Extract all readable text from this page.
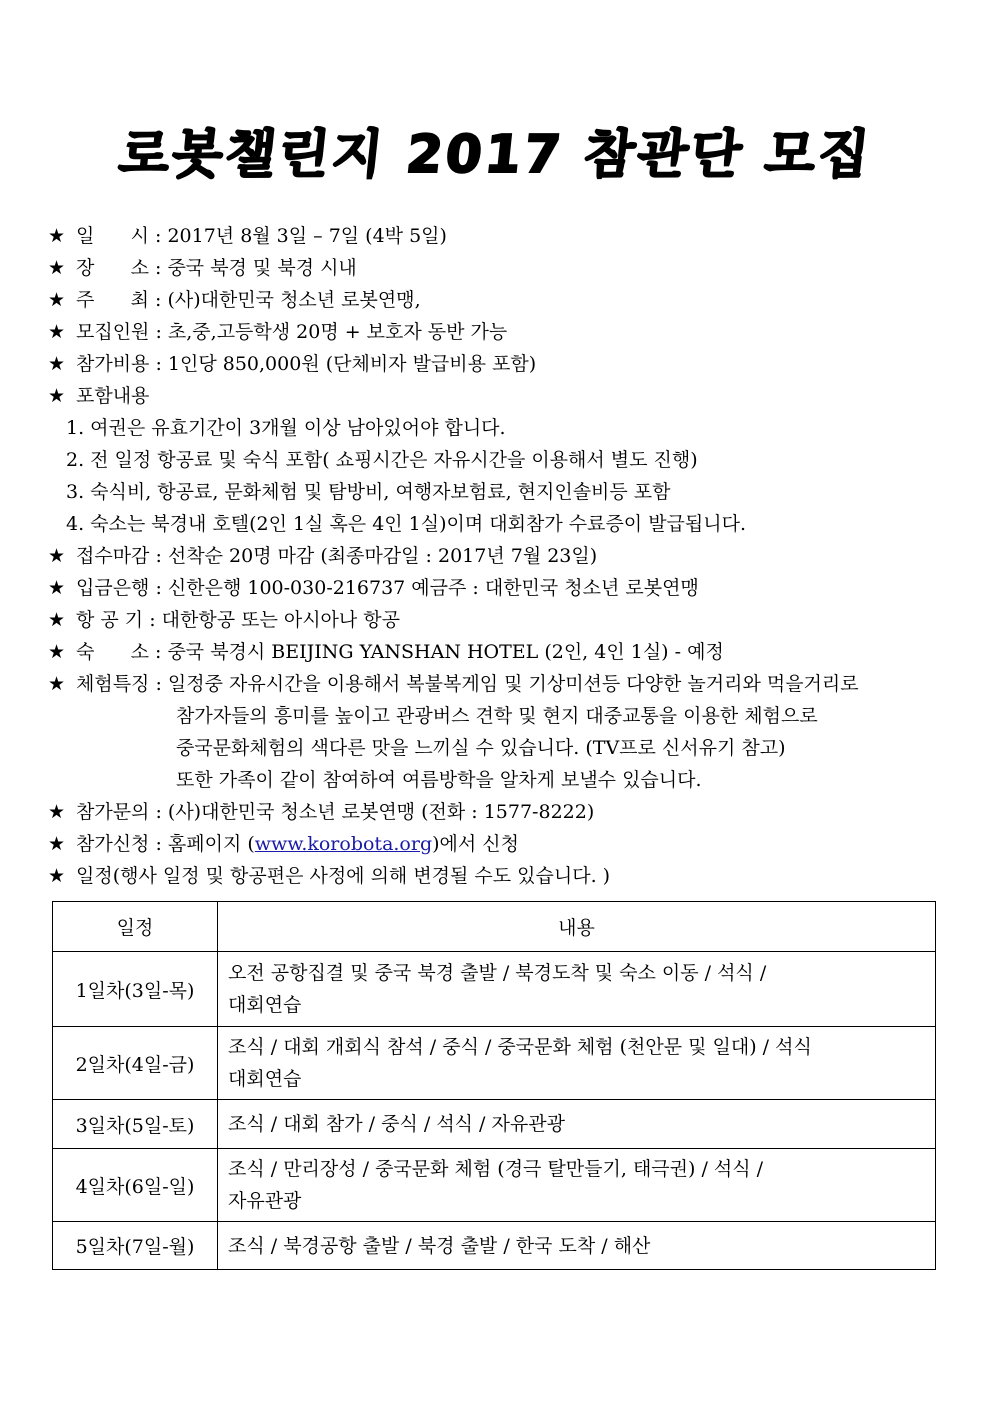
로봇챌린지 2017 참관단 모집
★ 일      시 : 2017년 8월 3일 – 7일 (4박 5일)
★ 장      소 : 중국 북경 및 북경 시내
★ 주      최 : (사)대한민국 청소년 로봇연맹,
★ 모집인원 : 초,중,고등학생 20명 + 보호자 동반 가능
★ 참가비용 : 1인당 850,000원 (단체비자 발급비용 포함)
★ 포함내용
1. 여권은 유효기간이 3개월 이상 남아있어야 합니다.
2. 전 일정 항공료 및 숙식 포함( 쇼핑시간은 자유시간을 이용해서 별도 진행)
3. 숙식비, 항공료, 문화체험 및 탐방비, 여행자보험료, 현지인솔비등 포함
4. 숙소는 북경내 호텔(2인 1실 혹은 4인 1실)이며 대회참가 수료증이 발급됩니다.
★ 접수마감 : 선착순 20명 마감 (최종마감일 : 2017년 7월 23일)
★ 입금은행 : 신한은행 100-030-216737 예금주 : 대한민국 청소년 로봇연맹
★ 항 공 기 : 대한항공 또는 아시아나 항공
★ 숙      소 : 중국 북경시 BEIJING YANSHAN HOTEL (2인, 4인 1실) - 예정
★ 체험특징 : 일정중 자유시간을 이용해서 복불복게임 및 기상미션등 다양한 놀거리와 먹을거리로
참가자들의 흥미를 높이고 관광버스 견학 및 현지 대중교통을 이용한 체험으로
중국문화체험의 색다른 맛을 느끼실 수 있습니다. (TV프로 신서유기 참고)
또한 가족이 같이 참여하여 여름방학을 알차게 보낼수 있습니다.
★ 참가문의 : (사)대한민국 청소년 로봇연맹 (전화 : 1577-8222)
★ 참가신청 : 홈페이지 (www.korobota.org)에서 신청
★ 일정(행사 일정 및 항공편은 사정에 의해 변경될 수도 있습니다. )
일정	내용
1일차(3일-목)	오전 공항집결 및 중국 북경 출발 / 북경도착 및 숙소 이동 / 석식 /
대회연습

2일차(4일-금)	조식 / 대회 개회식 참석 / 중식 / 중국문화 체험 (천안문 및 일대) / 석식
대회연습

3일차(5일-토)	조식 / 대회 참가 / 중식 / 석식 / 자유관광

4일차(6일-일)	조식 / 만리장성 / 중국문화 체험 (경극 탈만들기, 태극권) / 석식 /
자유관광

5일차(7일-월)	조식 / 북경공항 출발 / 북경 출발 / 한국 도착 / 해산
